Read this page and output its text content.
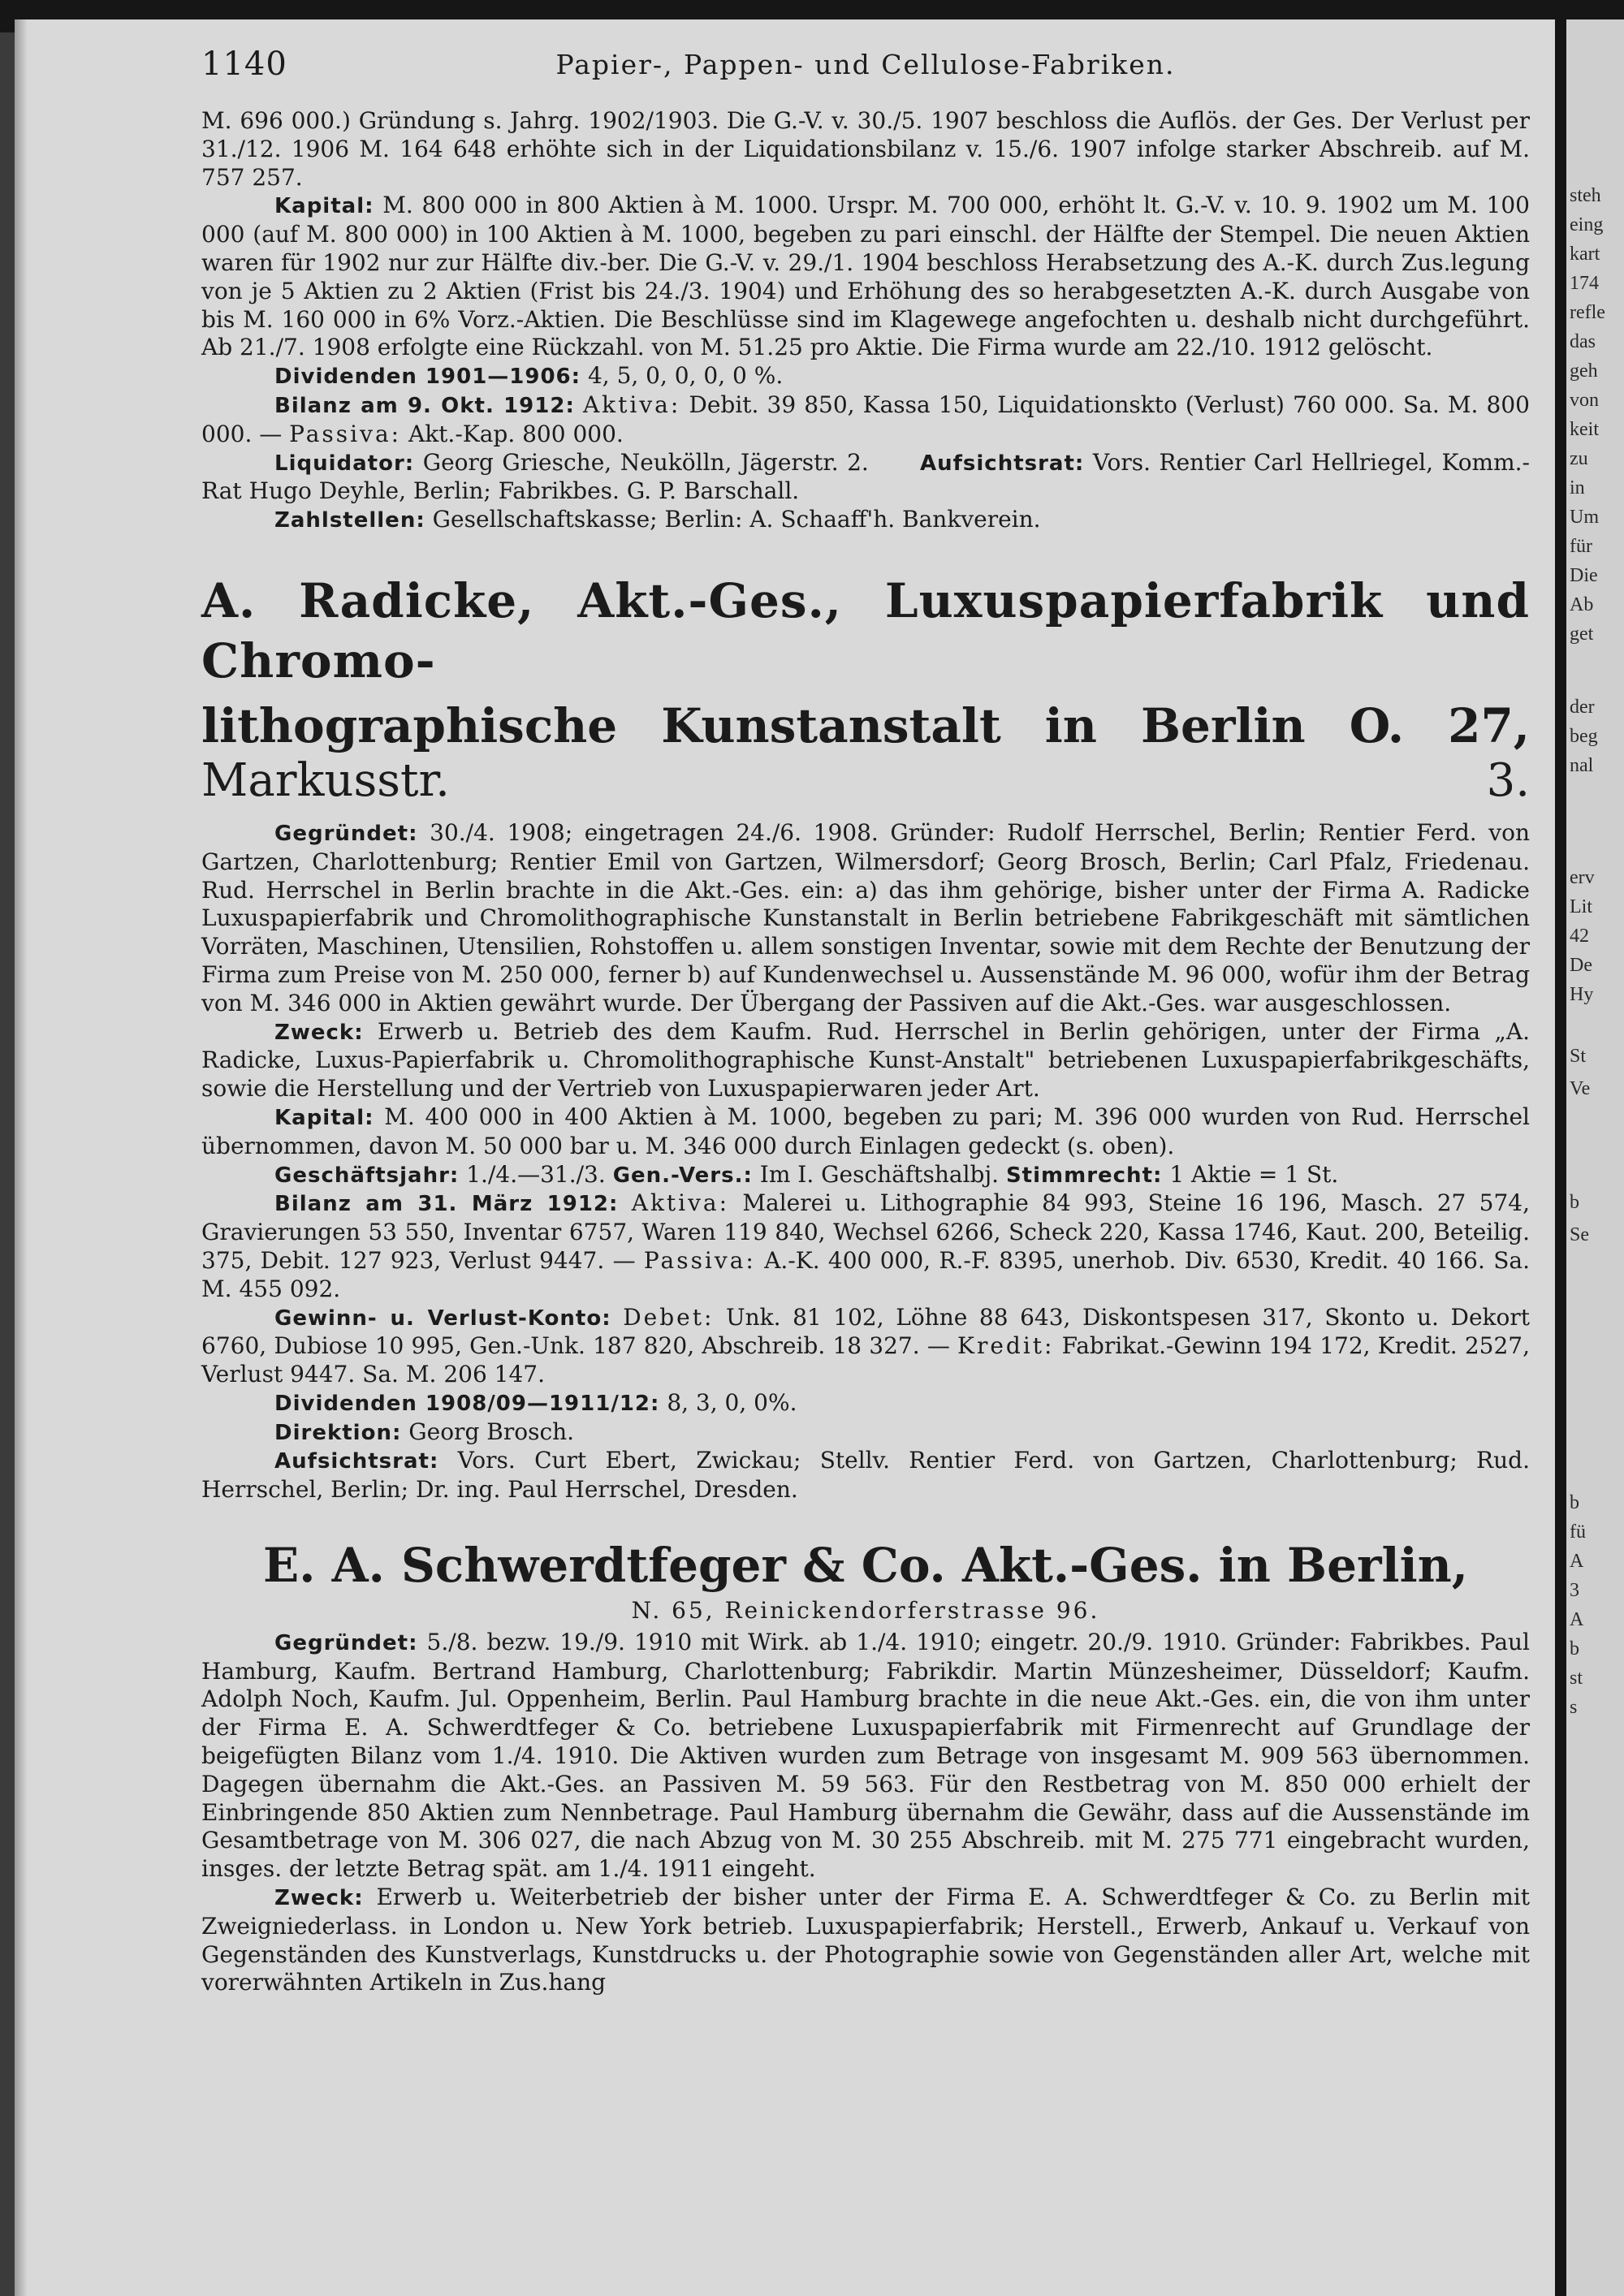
steh
eing
kart
174
refle
das
geh
von
keit
zu
in
Um
für
Die
Ab
get
der
beg
nal
erv
Lit
42
De
Hy
St
Ve
b
Se
b
fü
A
3
A
b
st
s
1140	Papier-, Pappen- und Cellulose-Fabriken.

M. 696 000.) Gründung s. Jahrg. 1902/1903. Die G.-V. v. 30./5. 1907 beschloss die Auflös. der Ges. Der Verlust per 31./12. 1906 M. 164 648 erhöhte sich in der Liquidationsbilanz v. 15./6. 1907 infolge starker Abschreib. auf M. 757 257.

Kapital: M. 800 000 in 800 Aktien à M. 1000. Urspr. M. 700 000, erhöht lt. G.-V. v. 10. 9. 1902 um M. 100 000 (auf M. 800 000) in 100 Aktien à M. 1000, begeben zu pari einschl. der Hälfte der Stempel. Die neuen Aktien waren für 1902 nur zur Hälfte div.-ber. Die G.-V. v. 29./1. 1904 beschloss Herabsetzung des A.-K. durch Zus.legung von je 5 Aktien zu 2 Aktien (Frist bis 24./3. 1904) und Erhöhung des so herabgesetzten A.-K. durch Ausgabe von bis M. 160 000 in 6% Vorz.-Aktien. Die Beschlüsse sind im Klagewege angefochten u. deshalb nicht durchgeführt. Ab 21./7. 1908 erfolgte eine Rückzahl. von M. 51.25 pro Aktie. Die Firma wurde am 22./10. 1912 gelöscht.

Dividenden 1901—1906: 4, 5, 0, 0, 0, 0 %.

Bilanz am 9. Okt. 1912: Aktiva: Debit. 39 850, Kassa 150, Liquidationskto (Verlust) 760 000. Sa. M. 800 000. — Passiva: Akt.-Kap. 800 000.

Liquidator: Georg Griesche, Neukölln, Jägerstr. 2. Aufsichtsrat: Vors. Rentier Carl Hellriegel, Komm.-Rat Hugo Deyhle, Berlin; Fabrikbes. G. P. Barschall.

Zahlstellen: Gesellschaftskasse; Berlin: A. Schaaff'h. Bankverein.

A. Radicke, Akt.-Ges., Luxuspapierfabrik und Chromo-
lithographische Kunstanstalt in Berlin O. 27, Markusstr. 3.

Gegründet: 30./4. 1908; eingetragen 24./6. 1908. Gründer: Rudolf Herrschel, Berlin; Rentier Ferd. von Gartzen, Charlottenburg; Rentier Emil von Gartzen, Wilmersdorf; Georg Brosch, Berlin; Carl Pfalz, Friedenau. Rud. Herrschel in Berlin brachte in die Akt.-Ges. ein: a) das ihm gehörige, bisher unter der Firma A. Radicke Luxuspapierfabrik und Chromolithographische Kunstanstalt in Berlin betriebene Fabrikgeschäft mit sämtlichen Vorräten, Maschinen, Utensilien, Rohstoffen u. allem sonstigen Inventar, sowie mit dem Rechte der Benutzung der Firma zum Preise von M. 250 000, ferner b) auf Kundenwechsel u. Aussenstände M. 96 000, wofür ihm der Betrag von M. 346 000 in Aktien gewährt wurde. Der Übergang der Passiven auf die Akt.-Ges. war ausgeschlossen.

Zweck: Erwerb u. Betrieb des dem Kaufm. Rud. Herrschel in Berlin gehörigen, unter der Firma „A. Radicke, Luxus-Papierfabrik u. Chromolithographische Kunst-Anstalt" betriebenen Luxuspapierfabrikgeschäfts, sowie die Herstellung und der Vertrieb von Luxuspapierwaren jeder Art.

Kapital: M. 400 000 in 400 Aktien à M. 1000, begeben zu pari; M. 396 000 wurden von Rud. Herrschel übernommen, davon M. 50 000 bar u. M. 346 000 durch Einlagen gedeckt (s. oben).

Geschäftsjahr: 1./4.—31./3. Gen.-Vers.: Im I. Geschäftshalbj. Stimmrecht: 1 Aktie = 1 St.

Bilanz am 31. März 1912: Aktiva: Malerei u. Lithographie 84 993, Steine 16 196, Masch. 27 574, Gravierungen 53 550, Inventar 6757, Waren 119 840, Wechsel 6266, Scheck 220, Kassa 1746, Kaut. 200, Beteilig. 375, Debit. 127 923, Verlust 9447. — Passiva: A.-K. 400 000, R.-F. 8395, unerhob. Div. 6530, Kredit. 40 166. Sa. M. 455 092.

Gewinn- u. Verlust-Konto: Debet: Unk. 81 102, Löhne 88 643, Diskontspesen 317, Skonto u. Dekort 6760, Dubiose 10 995, Gen.-Unk. 187 820, Abschreib. 18 327. — Kredit: Fabrikat.-Gewinn 194 172, Kredit. 2527, Verlust 9447. Sa. M. 206 147.

Dividenden 1908/09—1911/12: 8, 3, 0, 0%.

Direktion: Georg Brosch.

Aufsichtsrat: Vors. Curt Ebert, Zwickau; Stellv. Rentier Ferd. von Gartzen, Charlottenburg; Rud. Herrschel, Berlin; Dr. ing. Paul Herrschel, Dresden.

E. A. Schwerdtfeger & Co. Akt.-Ges. in Berlin,

N. 65, Reinickendorferstrasse 96.

Gegründet: 5./8. bezw. 19./9. 1910 mit Wirk. ab 1./4. 1910; eingetr. 20./9. 1910. Gründer: Fabrikbes. Paul Hamburg, Kaufm. Bertrand Hamburg, Charlottenburg; Fabrikdir. Martin Münzesheimer, Düsseldorf; Kaufm. Adolph Noch, Kaufm. Jul. Oppenheim, Berlin. Paul Hamburg brachte in die neue Akt.-Ges. ein, die von ihm unter der Firma E. A. Schwerdtfeger & Co. betriebene Luxuspapierfabrik mit Firmenrecht auf Grundlage der beigefügten Bilanz vom 1./4. 1910. Die Aktiven wurden zum Betrage von insgesamt M. 909 563 übernommen. Dagegen übernahm die Akt.-Ges. an Passiven M. 59 563. Für den Restbetrag von M. 850 000 erhielt der Einbringende 850 Aktien zum Nennbetrage. Paul Hamburg übernahm die Gewähr, dass auf die Aussenstände im Gesamtbetrage von M. 306 027, die nach Abzug von M. 30 255 Abschreib. mit M. 275 771 eingebracht wurden, insges. der letzte Betrag spät. am 1./4. 1911 eingeht.

Zweck: Erwerb u. Weiterbetrieb der bisher unter der Firma E. A. Schwerdtfeger & Co. zu Berlin mit Zweigniederlass. in London u. New York betrieb. Luxuspapierfabrik; Herstell., Erwerb, Ankauf u. Verkauf von Gegenständen des Kunstverlags, Kunstdrucks u. der Photographie sowie von Gegenständen aller Art, welche mit vorerwähnten Artikeln in Zus.hang
